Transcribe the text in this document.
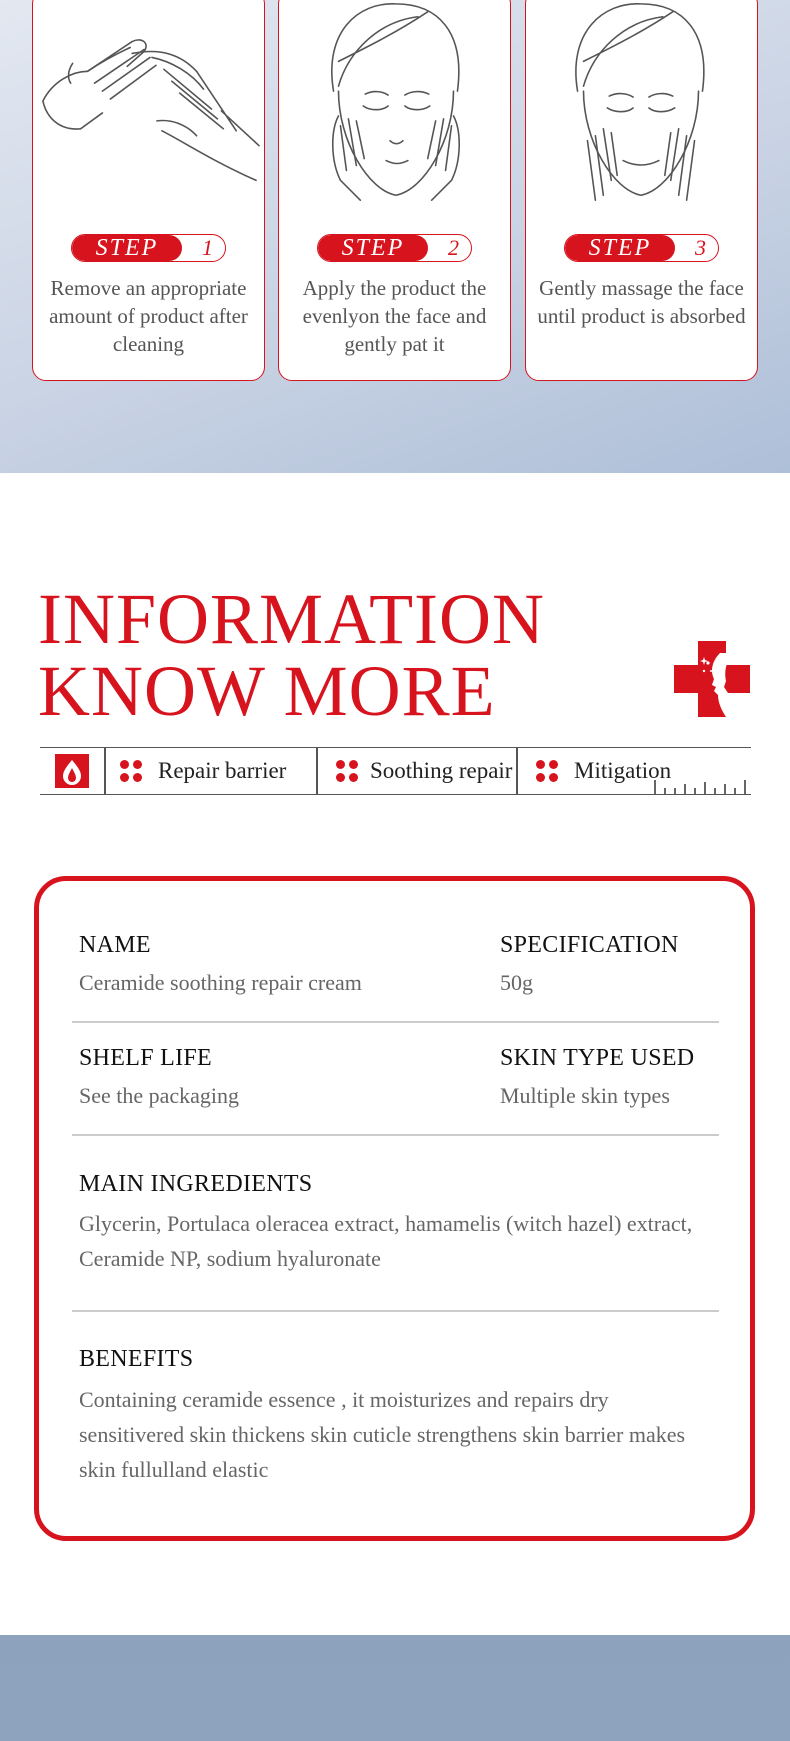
STEP	1
Remove an appropriate amount of product after cleaning
STEP	2
Apply the product the evenlyon the face and gently pat it
STEP	3
Gently massage the face until product is absorbed
INFORMATION
KNOW MORE
Repair barrier	Soothing repair	Mitigation
NAME
Ceramide soothing repair cream
SPECIFICATION
50g
SHELF LIFE
See the packaging
SKIN TYPE USED
Multiple skin types
MAIN INGREDIENTS
Glycerin, Portulaca oleracea extract, hamamelis (witch hazel) extract, Ceramide NP, sodium hyaluronate
BENEFITS
Containing ceramide essence , it moisturizes and repairs dry sensitivered skin thickens skin cuticle strengthens skin barrier makes skin fullulland elastic
